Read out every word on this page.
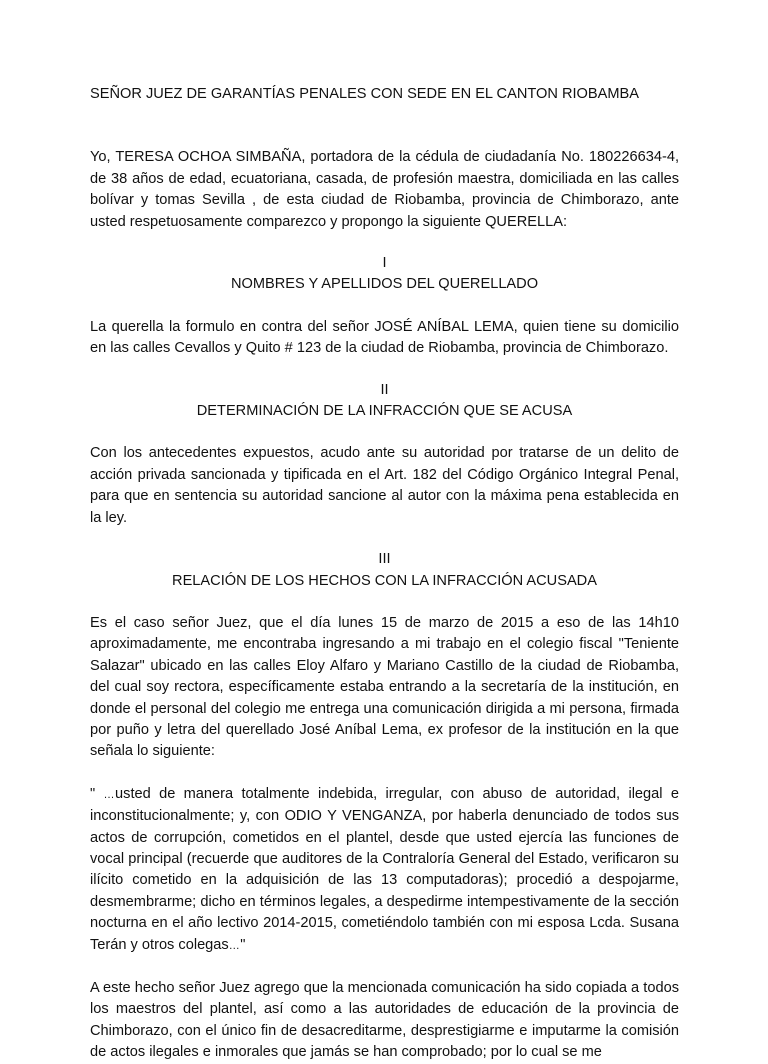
SEÑOR JUEZ DE GARANTÍAS PENALES CON SEDE EN EL CANTON RIOBAMBA

Yo, TERESA OCHOA SIMBAÑA, portadora de la cédula de ciudadanía No. 180226634-4, de 38 años de edad, ecuatoriana, casada, de profesión maestra, domiciliada en las calles bolívar y tomas Sevilla , de esta ciudad de Riobamba, provincia de Chimborazo, ante usted respetuosamente comparezco y propongo la siguiente QUERELLA:

I

NOMBRES Y APELLIDOS DEL QUERELLADO

La querella la formulo en contra del señor JOSÉ ANÍBAL LEMA, quien tiene su domicilio en las calles Cevallos y Quito # 123 de la ciudad de Riobamba, provincia de Chimborazo.

II

DETERMINACIÓN DE LA INFRACCIÓN QUE SE ACUSA

Con los antecedentes expuestos, acudo ante su autoridad por tratarse de un delito de acción privada sancionada y tipificada en el Art. 182 del Código Orgánico Integral Penal, para que en sentencia su autoridad sancione al autor con la máxima pena establecida en la ley.

III

RELACIÓN DE LOS HECHOS CON LA INFRACCIÓN ACUSADA

Es el caso señor Juez, que el día lunes 15 de marzo de 2015 a eso de las 14h10 aproximadamente, me encontraba ingresando a mi trabajo en el colegio fiscal "Teniente Salazar" ubicado en las calles Eloy Alfaro y Mariano Castillo de la ciudad de Riobamba, del cual soy rectora, específicamente estaba entrando a la secretaría de la institución, en donde el personal del colegio me entrega una comunicación dirigida a mi persona, firmada por puño y letra del querellado José Aníbal Lema, ex profesor de la institución en la que señala lo siguiente:

" …usted de manera totalmente indebida, irregular, con abuso de autoridad, ilegal e inconstitucionalmente; y, con ODIO Y VENGANZA, por haberla denunciado de todos sus actos de corrupción, cometidos en el plantel, desde que usted ejercía las funciones de vocal principal (recuerde que auditores de la Contraloría General del Estado, verificaron su ilícito cometido en la adquisición de las 13 computadoras); procedió a despojarme, desmembrarme; dicho en términos legales, a despedirme intempestivamente de la sección nocturna en el año lectivo 2014-2015, cometiéndolo también con mi esposa Lcda. Susana Terán y otros colegas…"

A este hecho señor Juez agrego que la mencionada comunicación ha sido copiada a todos los maestros del plantel, así como a las autoridades de educación de la provincia de Chimborazo, con el único fin de desacreditarme, desprestigiarme e imputarme la comisión de actos ilegales e inmorales que jamás se han comprobado; por lo cual se me
